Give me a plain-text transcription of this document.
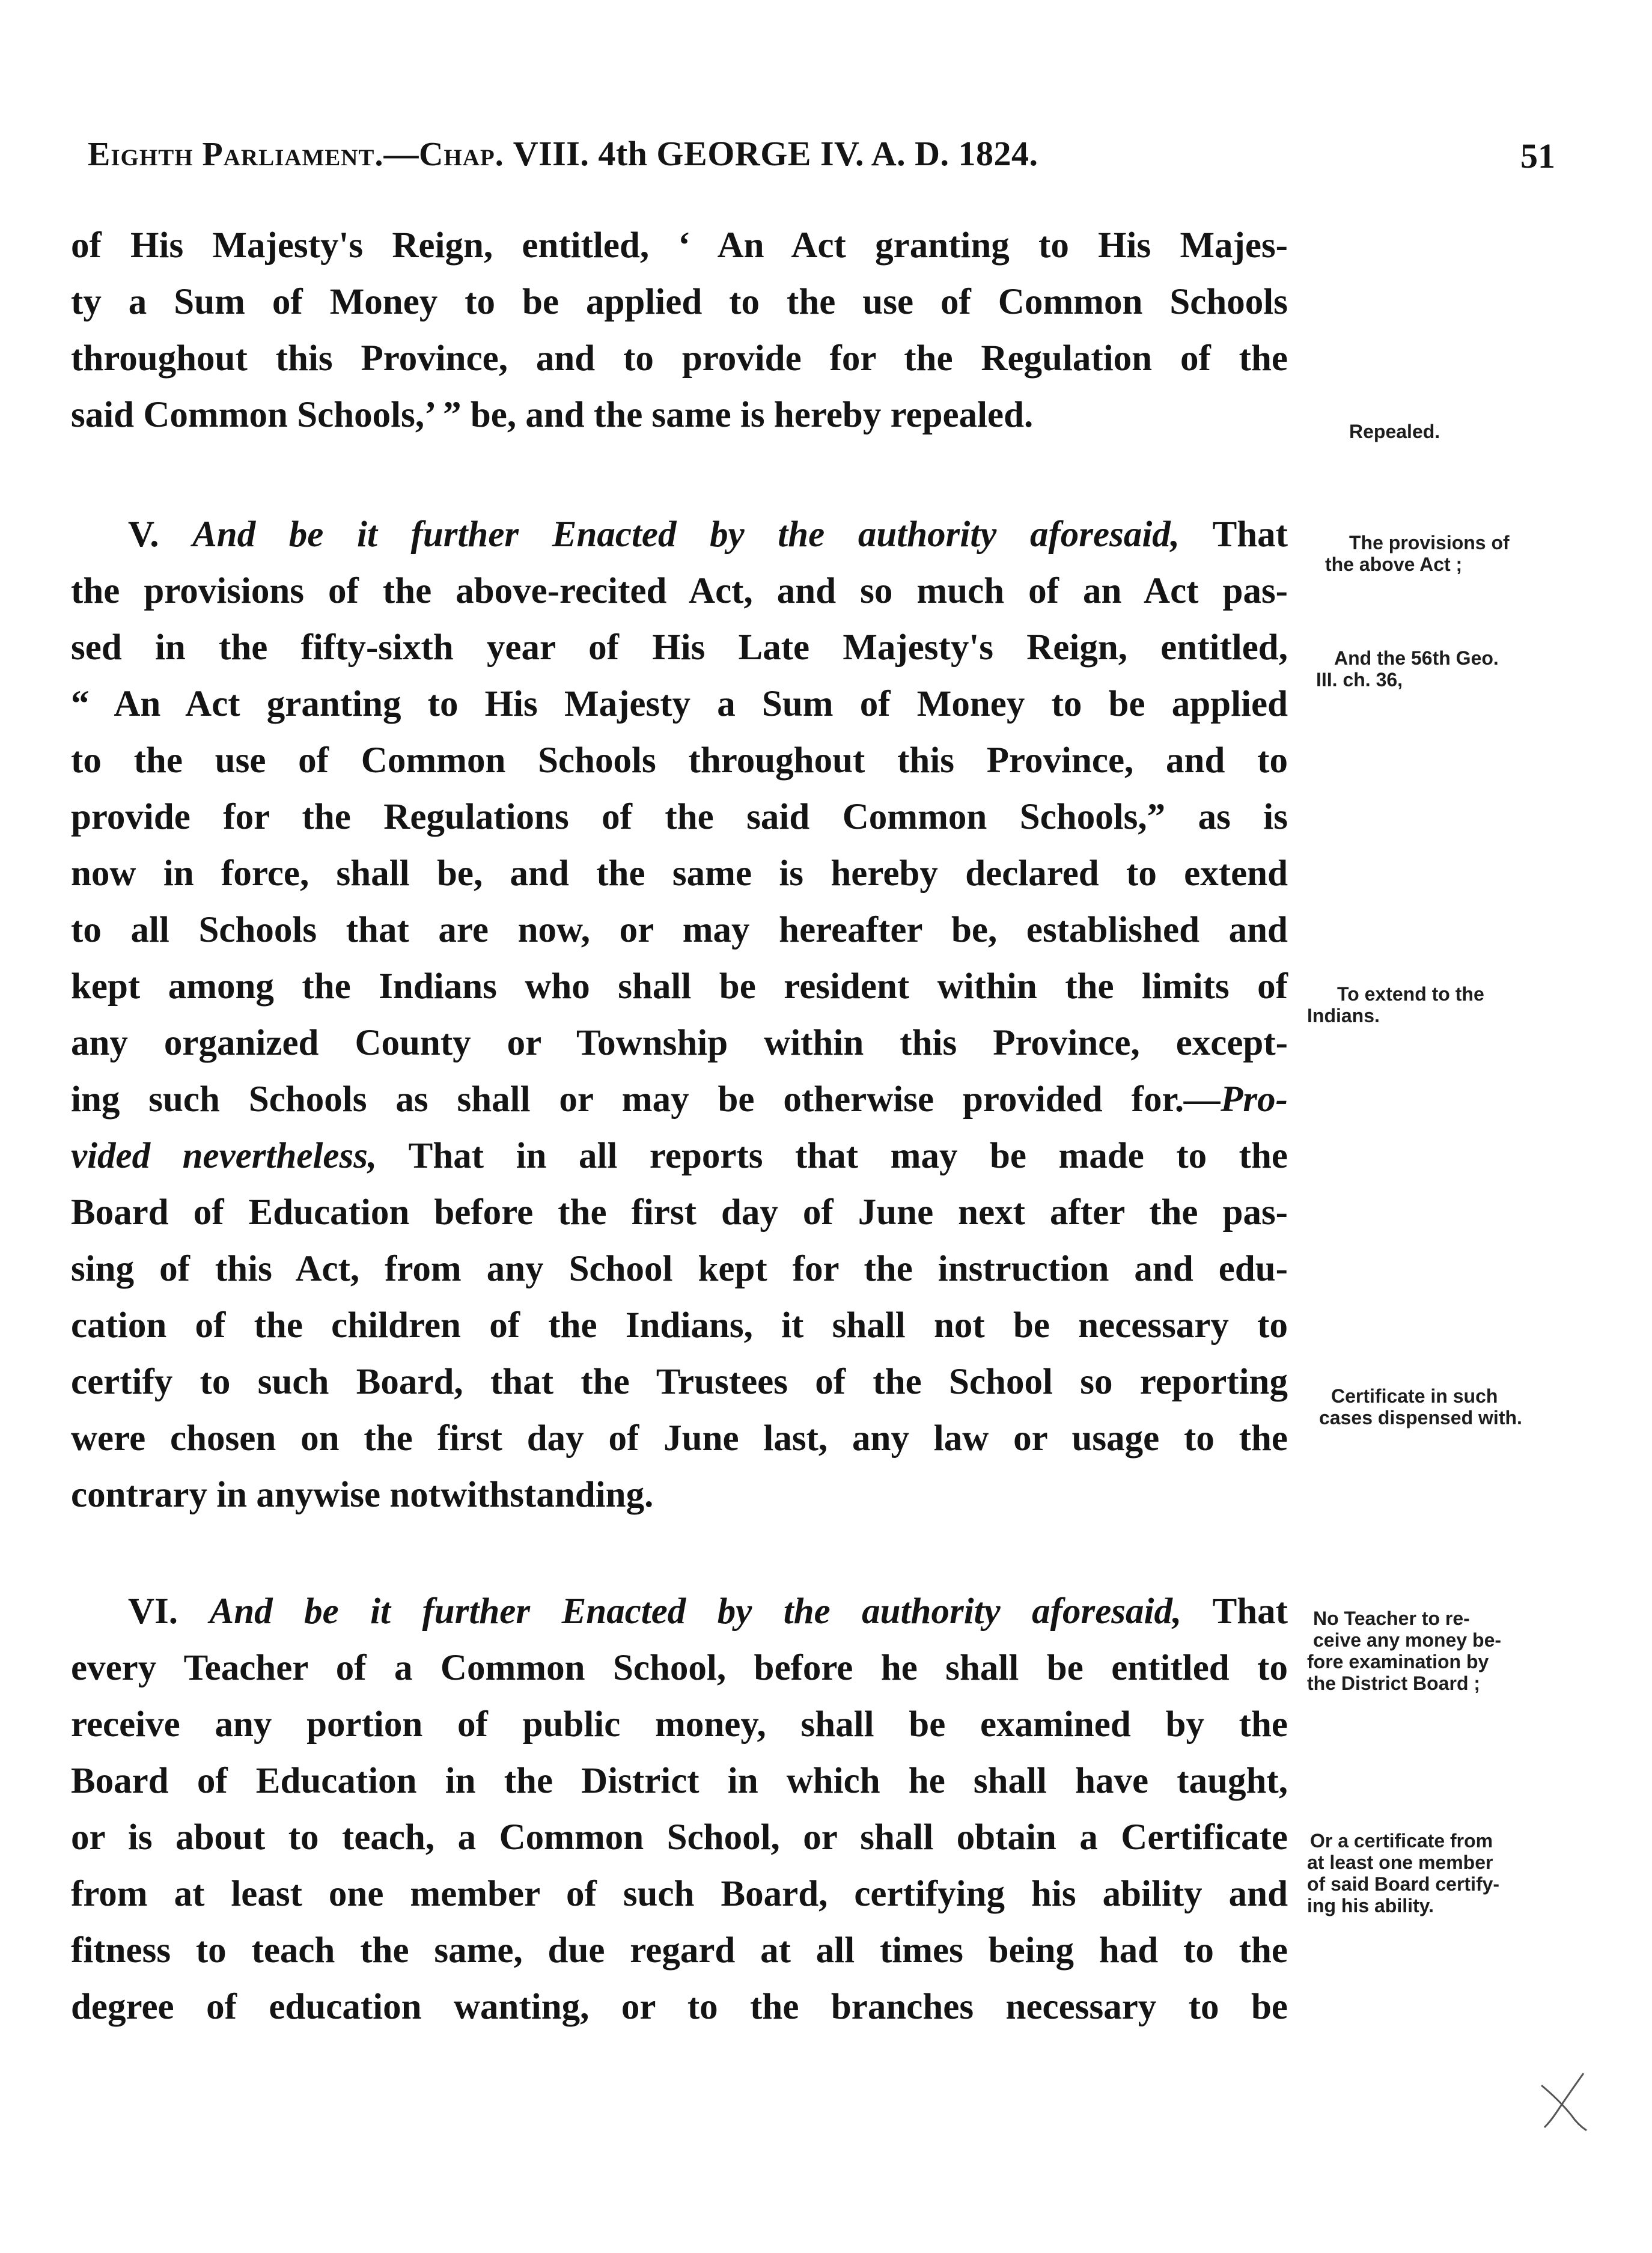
Eighth Parliament.—Chap. VIII. 4th GEORGE IV. A. D. 1824.	51
of His Majesty's Reign, entitled, ‘ An Act granting to His Majes-
ty a Sum of Money to be applied to the use of Common Schools
throughout this Province, and to provide for the Regulation of the
said Common Schools,’ ” be, and the same is hereby repealed.
V. And be it further Enacted by the authority aforesaid, That
the provisions of the above-recited Act, and so much of an Act pas-
sed in the fifty-sixth year of His Late Majesty's Reign, entitled,
“ An Act granting to His Majesty a Sum of Money to be applied
to the use of Common Schools throughout this Province, and to
provide for the Regulations of the said Common Schools,” as is
now in force, shall be, and the same is hereby declared to extend
to all Schools that are now, or may hereafter be, established and
kept among the Indians who shall be resident within the limits of
any organized County or Township within this Province, except-
ing such Schools as shall or may be otherwise provided for.—Pro-
vided nevertheless, That in all reports that may be made to the
Board of Education before the first day of June next after the pas-
sing of this Act, from any School kept for the instruction and edu-
cation of the children of the Indians, it shall not be necessary to
certify to such Board, that the Trustees of the School so reporting
were chosen on the first day of June last, any law or usage to the
contrary in anywise notwithstanding.
VI. And be it further Enacted by the authority aforesaid, That
every Teacher of a Common School, before he shall be entitled to
receive any portion of public money, shall be examined by the
Board of Education in the District in which he shall have taught,
or is about to teach, a Common School, or shall obtain a Certificate
from at least one member of such Board, certifying his ability and
fitness to teach the same, due regard at all times being had to the
degree of education wanting, or to the branches necessary to be
Repealed.
The provisions of
the above Act ;
And the 56th Geo.
III. ch. 36,
To extend to the
Indians.
Certificate in such
cases dispensed with.
No Teacher to re-
ceive any money be-
fore examination by
the District Board ;
Or a certificate from
at least one member
of said Board certify-
ing his ability.
